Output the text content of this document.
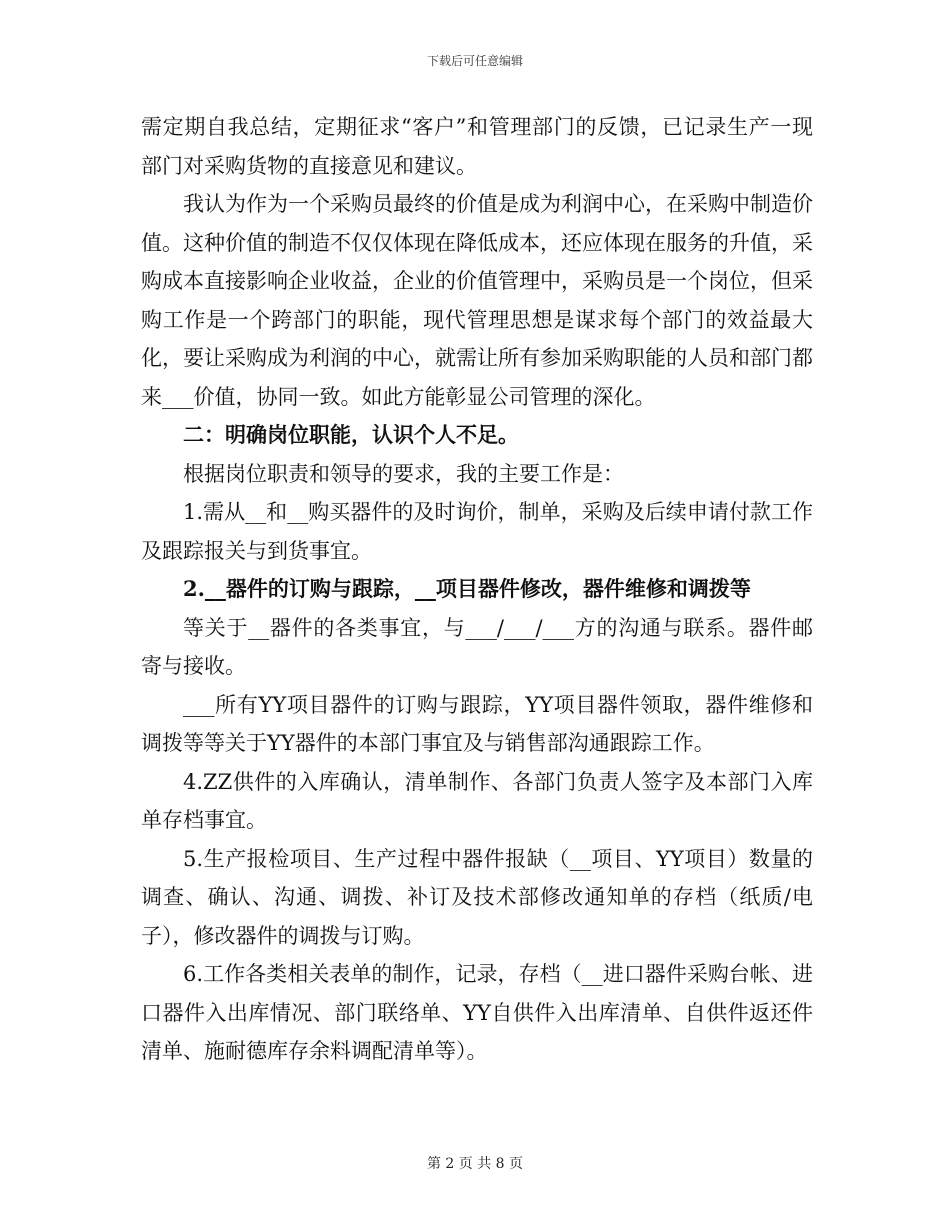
下载后可任意编辑

需定期自我总结，定期征求“客户”和管理部门的反馈，已记录生产一现部门对采购货物的直接意见和建议。

我认为作为一个采购员最终的价值是成为利润中心，在采购中制造价值。这种价值的制造不仅仅体现在降低成本，还应体现在服务的升值，采购成本直接影响企业收益，企业的价值管理中，采购员是一个岗位，但采购工作是一个跨部门的职能，现代管理思想是谋求每个部门的效益最大化，要让采购成为利润的中心，就需让所有参加采购职能的人员和部门都来___价值，协同一致。如此方能彰显公司管理的深化。

二：明确岗位职能，认识个人不足。

根据岗位职责和领导的要求，我的主要工作是：

1.需从__和__购买器件的及时询价，制单，采购及后续申请付款工作及跟踪报关与到货事宜。

2.__器件的订购与跟踪，__项目器件修改，器件维修和调拨等

等关于__器件的各类事宜，与___/___/___方的沟通与联系。器件邮寄与接收。

___所有YY项目器件的订购与跟踪，YY项目器件领取，器件维修和调拨等等关于YY器件的本部门事宜及与销售部沟通跟踪工作。

4.ZZ供件的入库确认，清单制作、各部门负责人签字及本部门入库单存档事宜。

5.生产报检项目、生产过程中器件报缺（__项目、YY项目）数量的调查、确认、沟通、调拨、补订及技术部修改通知单的存档（纸质/电子），修改器件的调拨与订购。

6.工作各类相关表单的制作，记录，存档（__进口器件采购台帐、进口器件入出库情况、部门联络单、YY自供件入出库清单、自供件返还件清单、施耐德库存余料调配清单等）。

第 2 页 共 8 页
